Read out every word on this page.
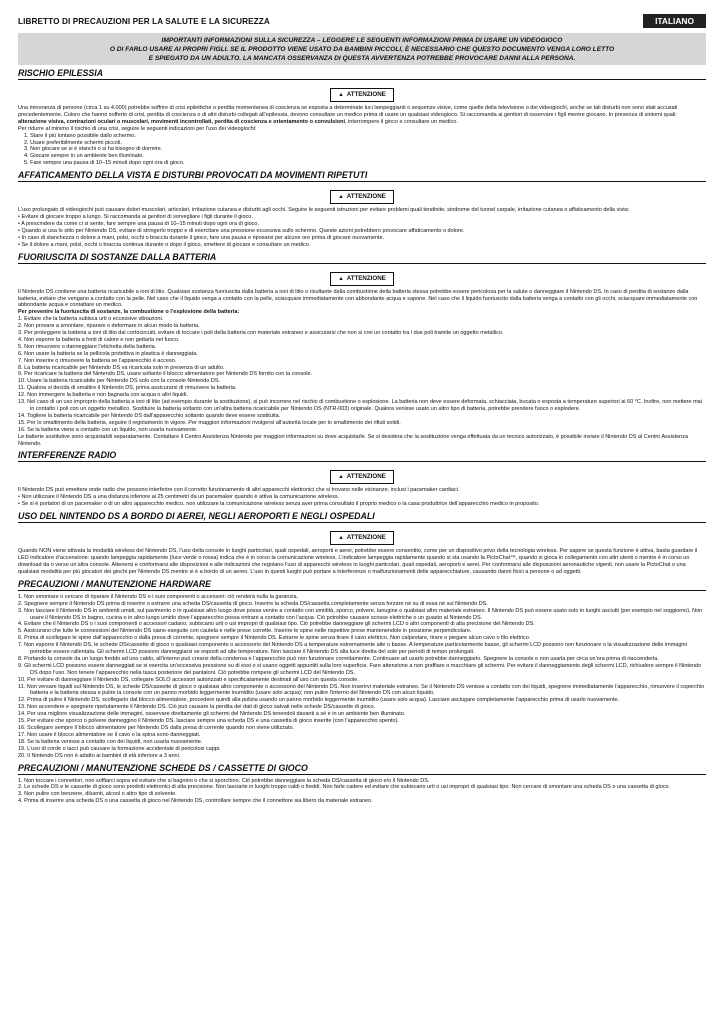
LIBRETTO DI PRECAUZIONI PER LA SALUTE E LA SICUREZZA	ITALIANO
IMPORTANTI INFORMAZIONI SULLA SICUREZZA – LEGGERE LE SEGUENTI INFORMAZIONI PRIMA DI USARE UN VIDEOGIOCO
O DI FARLO USARE AI PROPRI FIGLI. SE IL PRODOTTO VIENE USATO DA BAMBINI PICCOLI, È NECESSARIO CHE QUESTO DOCUMENTO VENGA LORO LETTO
E SPIEGATO DA UN ADULTO. LA MANCATA OSSERVANZA DI QUESTA AVVERTENZA POTREBBE PROVOCARE DANNI ALLA PERSONA.
RISCHIO EPILESSIA
▲ ATTENZIONE

Una minoranza di persone (circa 1 su 4.000) potrebbe soffrire di crisi epilettiche o perdita momentanea di coscienza se esposta a determinate luci lampeggianti o sequenze visive, come quelle della televisione o dei videogiochi, anche se tali disturbi non sono stati accusati precedentemente. Coloro che hanno sofferto di crisi, perdita di coscienza o di altri disturbi collegati all’epilessia, devono consultare un medico prima di usare un qualsiasi videogioco. Si raccomanda ai genitori di osservare i figli mentre giocano. In presenza di sintomi quali: alterazione visiva, contrazioni oculari o muscolari, movimenti incontrollati, perdita di coscienza e orientamento o convulsioni, interrompere il gioco e consultare un medico.

Per ridurre al minimo il rischio di una crisi, seguire le seguenti indicazioni per l’uso dei videogiochi:

1. Stare il più lontano possibile dallo schermo.
2. Usare preferibilmente schermi piccoli.
3. Non giocare se si è stanchi o si ha bisogno di dormire.
4. Giocare sempre in un ambiente ben illuminato.
5. Fare sempre una pausa di 10–15 minuti dopo ogni ora di gioco.
AFFATICAMENTO DELLA VISTA E DISTURBI PROVOCATI DA MOVIMENTI RIPETUTI
▲ ATTENZIONE

L’uso prolungato di videogiochi può causare dolori muscolari, articolari, irritazione cutanea e disturbi agli occhi. Seguire le seguenti istruzioni per evitare problemi quali tendinite, sindrome del tunnel carpale, irritazione cutanea o affaticamento della vista:

• Evitare di giocare troppo a lungo. Si raccomanda ai genitori di sorvegliare i figli durante il gioco.
• A prescindere da come ci si sente, fare sempre una pausa di 10–15 minuti dopo ogni ora di gioco.
• Quando si usa lo stilo per Nintendo DS, evitare di stringerlo troppo e di esercitare una pressione eccessiva sullo schermo. Queste azioni potrebbero provocare affaticamento o dolore.
• In caso di stanchezza o dolore a mani, polsi, occhi o braccia durante il gioco, fare una pausa e riposarsi per alcune ore prima di giocare nuovamente.
• Se il dolore a mani, polsi, occhi o braccia continua durante o dopo il gioco, smettere di giocare e consultare un medico.
FUORIUSCITA DI SOSTANZE DALLA BATTERIA
▲ ATTENZIONE

Il Nintendo DS contiene una batteria ricaricabile a ioni di litio. Qualsiasi sostanza fuoriuscita dalla batteria a ioni di litio o risultante dalla combustione della batteria stessa potrebbe essere pericolosa per la salute o danneggiare il Nintendo DS. In caso di perdita di sostanze dalla batteria, evitare che vengano a contatto con la pelle. Nel caso che il liquido venga a contatto con la pelle, sciacquare immediatamente con abbondante acqua e sapone. Nel caso che il liquido fuoriuscito dalla batteria venga a contatto con gli occhi, sciacquare immediatamente con abbondante acqua e contattare un medico.

Per prevenire la fuoriuscita di sostanze, la combustione o l’esplosione della batteria:
1. Evitare che la batteria subisca urti o eccessive vibrazioni.
2. Non provare a smontare, riparare o deformare in alcun modo la batteria.
3. Per proteggere la batteria a ioni di litio dal cortocircuiti, evitare di toccare i poli della batteria con materiale estraneo e assicurarsi che non si crei un contatto tra i due poli tramite un oggetto metallico.
4. Non esporre la batteria a fonti di calore e non gettarla nel fuoco.
5. Non rimuovere o danneggiare l’etichetta della batteria.
6. Non usare la batteria se la pellicola protettiva in plastica è danneggiata.
7. Non inserire o rimuovere la batteria se l’apparecchio è acceso.
8. La batteria ricaricabile per Nintendo DS va ricaricata solo in presenza di un adulto.
9. Per ricaricare la batteria del Nintendo DS, usare soltanto il blocco alimentatore per Nintendo DS fornito con la console.
10. Usare la batteria ricaricabile per Nintendo DS solo con la console Nintendo DS.
11. Qualora si decida di smaltire il Nintendo DS, prima assicurarsi di rimuovere la batteria.
12. Non immergere la batteria e non bagnarla con acqua o altri liquidi.
13. Nel caso di un uso improprio della batteria a ioni di litio (ad esempio durante la sostituzione), si può incorrere nel rischio di combustione o esplosione. La batteria non deve essere deformata, schiacciata, bucata o esposta a temperature superiori ai 60 °C. Inoltre, non mettere mai in contatto i poli con un oggetto metallico. Sostituire la batteria soltanto con un’altra batteria ricaricabile per Nintendo DS (NTR-003) originale. Qualora venisse usato un altro tipo di batteria, potrebbe prendere fuoco o esplodere.
14. Togliere la batteria ricaricabile per Nintendo DS dall’apparecchio soltanto quando deve essere sostituita.
15. Per lo smaltimento della batteria, seguire il regolamento in vigore. Per maggiori informazioni rivolgersi all’autorità locale per lo smaltimento dei rifiuti solidi.
16. Se la batteria viene a contatto con un liquido, non usarla nuovamente.

Le batterie sostitutive sono acquistabili separatamente. Contattare il Centro Assistenza Nintendo per maggiori informazioni su dove acquistarle. Se si desidera che la sostituzione venga effettuata da un tecnico autorizzato, è possibile inviare il Nintendo DS al Centro Assistenza Nintendo.

INTERFERENZE RADIO
▲ ATTENZIONE

Il Nintendo DS può emettere onde radio che possono interferire con il corretto funzionamento di altri apparecchi elettronici che si trovano nelle vicinanze, inclusi i pacemaker cardiaci.

• Non utilizzare il Nintendo DS a una distanza inferiore ai 25 centimetri da un pacemaker quando è attiva la comunicazione wireless.
• Se si è portatori di un pacemaker o di un altro apparecchio medico, non utilizzare la comunicazione wireless senza aver prima consultato il proprio medico o la casa produttrice dell’apparecchio medico in proposito.
USO DEL NINTENDO DS A BORDO DI AEREI, NEGLI AEROPORTI E NEGLI OSPEDALI
▲ ATTENZIONE

Quando NON viene attivata la modalità wireless del Nintendo DS, l’uso della console in luoghi particolari, quali ospedali, aeroporti e aerei, potrebbe essere consentito, come per un dispositivo privo della tecnologia wireless. Per sapere se questa funzione è attiva, basta guardare il LED indicatore d’accensione: quando lampeggia rapidamente (luce verde o rossa) indica che è in corso la comunicazione wireless. L’indicatore lampeggia rapidamente quando si sta usando la PictoChat™, quando si gioca in collegamento con altri utenti o mentre è in corso un download da o verso un’altra console. Attenersi e conformarsi alle disposizioni e alle indicazioni che regolano l’uso di apparecchi wireless in luoghi particolari, quali ospedali, aeroporti e aerei. Per conformarsi alle disposizioni aeronautiche vigenti, non usare la PictoChat o una qualsiasi modalità per più giocatori dei giochi per Nintendo DS mentre si è a bordo di un aereo. L’uso in questi luoghi può portare a interferenze o malfunzionamenti delle apparecchiature, causando danni fisici a persone o ad oggetti.

PRECAUZIONI / MANUTENZIONE HARDWARE
1. Non smontare o cercare di riparare il Nintendo DS o i suoi componenti o accessori: ciò renderà nulla la garanzia.
2. Spegnere sempre il Nintendo DS prima di inserire o estrarre una scheda DS/cassetta di gioco. Inserire la scheda DS/cassetta completamente senza forzare né su di essa né sul Nintendo DS.
3. Non lasciare il Nintendo DS in ambienti umidi, sul pavimento o in qualsiasi altro luogo dove possa venire a contatto con umidità, sporco, polvere, lanugine o qualsiasi altro materiale estraneo. Il Nintendo DS può essere usato solo in luoghi asciutti (per esempio nel soggiorno). Non usare il Nintendo DS in bagno, cucina o in altro luogo umido dove l’apparecchio possa entrare a contatto con l’acqua. Ciò potrebbe causare scosse elettriche o un guasto al Nintendo DS.
4. Evitare che il Nintendo DS o i suoi componenti o accessori cadano, subiscano urti o usi impropri di qualsiasi tipo. Ciò potrebbe danneggiare gli schermi LCD o altri componenti di alta precisione del Nintendo DS.
5. Assicurarsi che tutte le connessioni del Nintendo DS siano eseguite con cautela e nelle prese corrette. Inserire le spine nelle rispettive prese mantenendole in posizione perpendicolare.
6. Prima di scollegare le spine dall’apparecchio o dalla presa di corrente, spegnere sempre il Nintendo DS. Estrarre le spine senza tirare il cavo elettrico. Non calpestare, tirare o piegare alcun cavo o filo elettrico.
7. Non esporre il Nintendo DS, le schede DS/cassette di gioco o qualsiasi componente o accessorio del Nintendo DS a temperature estremamente alte o basse. A temperature particolarmente basse, gli schermi LCD possono non funzionare o la visualizzazione delle immagini potrebbe essere rallentata. Gli schermi LCD possono danneggiarsi se esposti ad alte temperature. Non lasciare il Nintendo DS alla luce diretta del sole per periodi di tempo prolungati.
8. Portando la console da un luogo freddo ad uno caldo, all’interno può crearsi della condensa e l’apparecchio può non funzionare correttamente. Continuare ad usarlo potrebbe danneggiarlo. Spegnere la console e non usarla per circa un’ora prima di riaccenderla.
9. Gli schermi LCD possono essere danneggiati se si esercita un’eccessiva pressione su di essi o si usano oggetti appuntiti sulla loro superficie. Fare attenzione a non graffiare o macchiare gli schermi. Per evitare il danneggiamento degli schermi LCD, richiudere sempre il Nintendo DS dopo l’uso. Non tenere l’apparecchio nella tasca posteriore dei pantaloni. Ciò potrebbe rompere gli schermi LCD del Nintendo DS.
10. Per evitare di danneggiare il Nintendo DS, collegare SOLO accessori autorizzati e specificatamente destinati all’uso con questa console.
11. Non versare liquidi sul Nintendo DS, le schede DS/cassette di gioco o qualsiasi altro componente o accessorio del Nintendo DS. Non inserirvi materiale estraneo. Se il Nintendo DS venisse a contatto con dei liquidi, spegnere immediatamente l’apparecchio, rimuovere il coperchio batteria e la batteria stessa e pulire la console con un panno morbido leggermente inumidito (usare solo acqua); non pulire l’interno del Nintendo DS con alcun liquido.
12. Prima di pulire il Nintendo DS, scollegarlo dal blocco alimentatore, procedere quindi alla pulizia usando un panno morbido leggermente inumidito (usare solo acqua). Lasciare asciugare completamente l’apparecchio prima di usarlo nuovamente.
13. Non accendere e spegnere ripetutamente il Nintendo DS. Ciò può causare la perdita dei dati di gioco salvati nelle schede DS/cassette di gioco.
14. Per una migliore visualizzazione delle immagini, osservare direttamente gli schermi del Nintendo DS tenendoli davanti a sé e in un ambiente ben illuminato.
15. Per evitare che sporco o polvere danneggino il Nintendo DS, lasciare sempre una scheda DS e una cassetta di gioco inserite (con l’apparecchio spento).
16. Scollegare sempre il blocco alimentatore per Nintendo DS dalla presa di corrente quando non viene utilizzato.
17. Non usare il blocco alimentatore se il cavo o la spina sono danneggiati.
18. Se la batteria venisse a contatto con dei liquidi, non usarla nuovamente.
19. L’uso di corde o lacci può causare la formazione accidentale di pericolosi cappi.
20. Il Nintendo DS non è adatto ai bambini di età inferiore a 3 anni.
PRECAUZIONI / MANUTENZIONE SCHEDE DS / CASSETTE DI GIOCO
1. Non toccare i connettori, non soffiarci sopra ed evitare che si bagnino o che si sporchino. Ciò potrebbe danneggiare la scheda DS/cassetta di gioco e/o il Nintendo DS.
2. Le schede DS e le cassette di gioco sono prodotti elettronici di alta precisione. Non lasciarle in luoghi troppo caldi o freddi. Non farle cadere ed evitare che subiscano urti o usi impropri di qualsiasi tipo. Non cercare di smontare una scheda DS o una cassetta di gioco.
3. Non pulire con benzene, diluenti, alcool o altro tipo di solvente.
4. Prima di inserire una scheda DS o una cassetta di gioco nel Nintendo DS, controllare sempre che il connettore sia libero da materiale estraneo.
